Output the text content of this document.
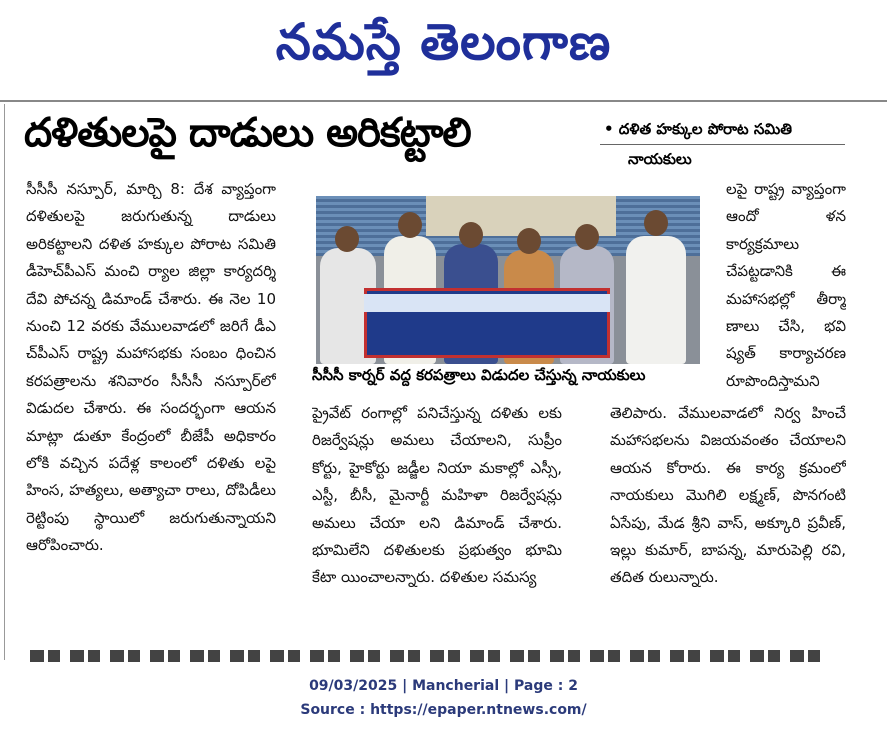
నమస్తే తెలంగాణ
దళితులపై దాడులు అరికట్టాలి	• దళిత హక్కుల పోరాట సమితి
నాయకులు
సీసీసీ నస్పూర్, మార్చి 8: దేశ వ్యాప్తంగా దళితులపై జరుగుతున్న దాడులు అరికట్టాలని దళిత హక్కుల పోరాట సమితి డీహెచ్‌పీఎస్ మంచి ర్యాల జిల్లా కార్యదర్శి దేవి పోచన్న డిమాండ్ చేశారు. ఈ నెల 10 నుంచి 12 వరకు వేములవాడలో జరిగే డీఎ చ్‌పీఎస్ రాష్ట్ర మహాసభకు సంబం ధించిన కరపత్రాలను శనివారం సీసీసీ నస్పూర్‌లో విడుదల చేశారు. ఈ సందర్భంగా ఆయన మాట్లా డుతూ కేంద్రంలో బీజేపీ అధికారం లోకి వచ్చిన పదేళ్ల కాలంలో దళితు లపై హింస, హత్యలు, అత్యాచా రాలు, దోపిడీలు రెట్టింపు స్థాయిలో జరుగుతున్నాయని ఆరోపించారు.
సీసీసీ కార్నర్ వద్ద కరపత్రాలు విడుదల చేస్తున్న నాయకులు
ప్రైవేట్ రంగాల్లో పనిచేస్తున్న దళితు లకు రిజర్వేషన్లు అమలు చేయాలని, సుప్రీం కోర్టు, హైకోర్టు జడ్జీల నియా మకాల్లో ఎస్సీ, ఎస్టీ, బీసీ, మైనార్టీ మహిళా రిజర్వేషన్లు అమలు చేయా లని డిమాండ్ చేశారు. భూమిలేని దళితులకు ప్రభుత్వం భూమి కేటా యించాలన్నారు. దళితుల సమస్య
లపై రాష్ట్ర వ్యాప్తంగా ఆందో ళన కార్యక్రమాలు చేపట్టడానికి ఈ మహాసభల్లో తీర్మా ణాలు చేసి, భవి ష్యత్ కార్యాచరణ రూపొందిస్తామని
తెలిపారు. వేములవాడలో నిర్వ హించే మహాసభలను విజయవంతం చేయాలని ఆయన కోరారు. ఈ కార్య క్రమంలో నాయకులు మొగిలి లక్ష్మణ్, పొనగంటి ఏసేపు, మేడ శ్రీని వాస్, అక్కూరి ప్రవీణ్, ఇల్లు కుమార్, బాపన్న, మారుపెల్లి రవి, తదిత రులున్నారు.
09/03/2025 | Mancherial | Page : 2
Source : https://epaper.ntnews.com/
